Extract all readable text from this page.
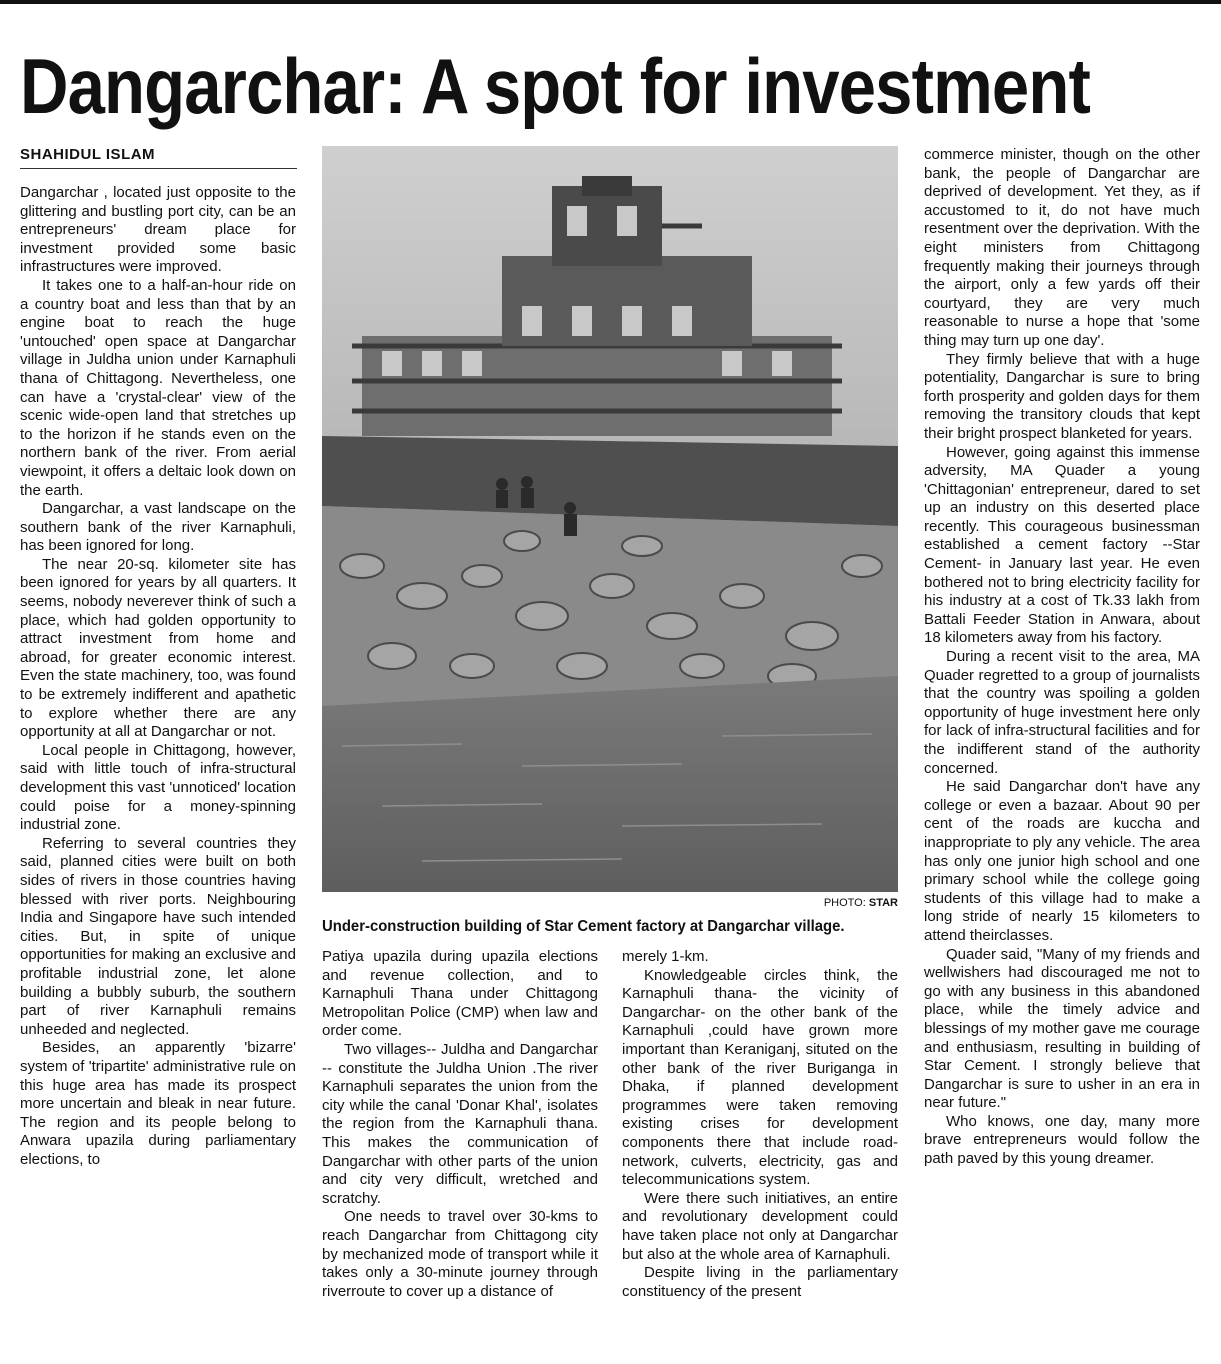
Dangarchar: A spot for investment
SHAHIDUL ISLAM

Dangarchar , located just opposite to the glittering and bustling port city, can be an entrepreneurs' dream place for investment provided some basic infrastructures were improved.

It takes one to a half-an-hour ride on a country boat and less than that by an engine boat to reach the huge 'untouched' open space at Dangarchar village in Juldha union under Karnaphuli thana of Chittagong. Nevertheless, one can have a 'crystal-clear' view of the scenic wide-open land that stretches up to the horizon if he stands even on the northern bank of the river. From aerial viewpoint, it offers a deltaic look down on the earth.

Dangarchar, a vast landscape on the southern bank of the river Karnaphuli, has been ignored for long.

The near 20-sq. kilometer site has been ignored for years by all quarters. It seems, nobody neverever think of such a place, which had golden opportunity to attract investment from home and abroad, for greater economic interest. Even the state machinery, too, was found to be extremely indifferent and apathetic to explore whether there are any opportunity at all at Dangarchar or not.

Local people in Chittagong, however, said with little touch of infra-structural development this vast 'unnoticed' location could poise for a money-spinning industrial zone.

Referring to several countries they said, planned cities were built on both sides of rivers in those countries having blessed with river ports. Neighbouring India and Singapore have such intended cities. But, in spite of unique opportunities for making an exclusive and profitable industrial zone, let alone building a bubbly suburb, the southern part of river Karnaphuli remains unheeded and neglected.

Besides, an apparently 'bizarre' system of 'tripartite' administrative rule on this huge area has made its prospect more uncertain and bleak in near future. The region and its people belong to Anwara upazila during parliamentary elections, to

PHOTO: STAR
Under-construction building of Star Cement factory at Dangarchar village.

Patiya upazila during upazila elections and revenue collection, and to Karnaphuli Thana under Chittagong Metropolitan Police (CMP) when law and order come.

Two villages-- Juldha and Dangarchar -- constitute the Juldha Union .The river Karnaphuli separates the union from the city while the canal 'Donar Khal', isolates the region from the Karnaphuli thana. This makes the communication of Dangarchar with other parts of the union and city very difficult, wretched and scratchy.

One needs to travel over 30-kms to reach Dangarchar from Chittagong city by mechanized mode of transport while it takes only a 30-minute journey through riverroute to cover up a distance of

merely 1-km.

Knowledgeable circles think, the Karnaphuli thana- the vicinity of Dangarchar- on the other bank of the Karnaphuli ,could have grown more important than Keraniganj, situted on the other bank of the river Buriganga in Dhaka, if planned development programmes were taken removing existing crises for development components there that include road-network, culverts, electricity, gas and telecommunications system.

Were there such initiatives, an entire and revolutionary development could have taken place not only at Dangarchar but also at the whole area of Karnaphuli.

Despite living in the parliamentary constituency of the present

commerce minister, though on the other bank, the people of Dangarchar are deprived of development. Yet they, as if accustomed to it, do not have much resentment over the deprivation. With the eight ministers from Chittagong frequently making their journeys through the airport, only a few yards off their courtyard, they are very much reasonable to nurse a hope that 'some thing may turn up one day'.

They firmly believe that with a huge potentiality, Dangarchar is sure to bring forth prosperity and golden days for them removing the transitory clouds that kept their bright prospect blanketed for years.

However, going against this immense adversity, MA Quader a young 'Chittagonian' entrepreneur, dared to set up an industry on this deserted place recently. This courageous businessman established a cement factory --Star Cement- in January last year. He even bothered not to bring electricity facility for his industry at a cost of Tk.33 lakh from Battali Feeder Station in Anwara, about 18 kilometers away from his factory.

During a recent visit to the area, MA Quader regretted to a group of journalists that the country was spoiling a golden opportunity of huge investment here only for lack of infra-structural facilities and for the indifferent stand of the authority concerned.

He said Dangarchar don't have any college or even a bazaar. About 90 per cent of the roads are kuccha and inappropriate to ply any vehicle. The area has only one junior high school and one primary school while the college going students of this village had to make a long stride of nearly 15 kilometers to attend theirclasses.

Quader said, "Many of my friends and wellwishers had discouraged me not to go with any business in this abandoned place, while the timely advice and blessings of my mother gave me courage and enthusiasm, resulting in building of Star Cement. I strongly believe that Dangarchar is sure to usher in an era in near future."

Who knows, one day, many more brave entrepreneurs would follow the path paved by this young dreamer.
